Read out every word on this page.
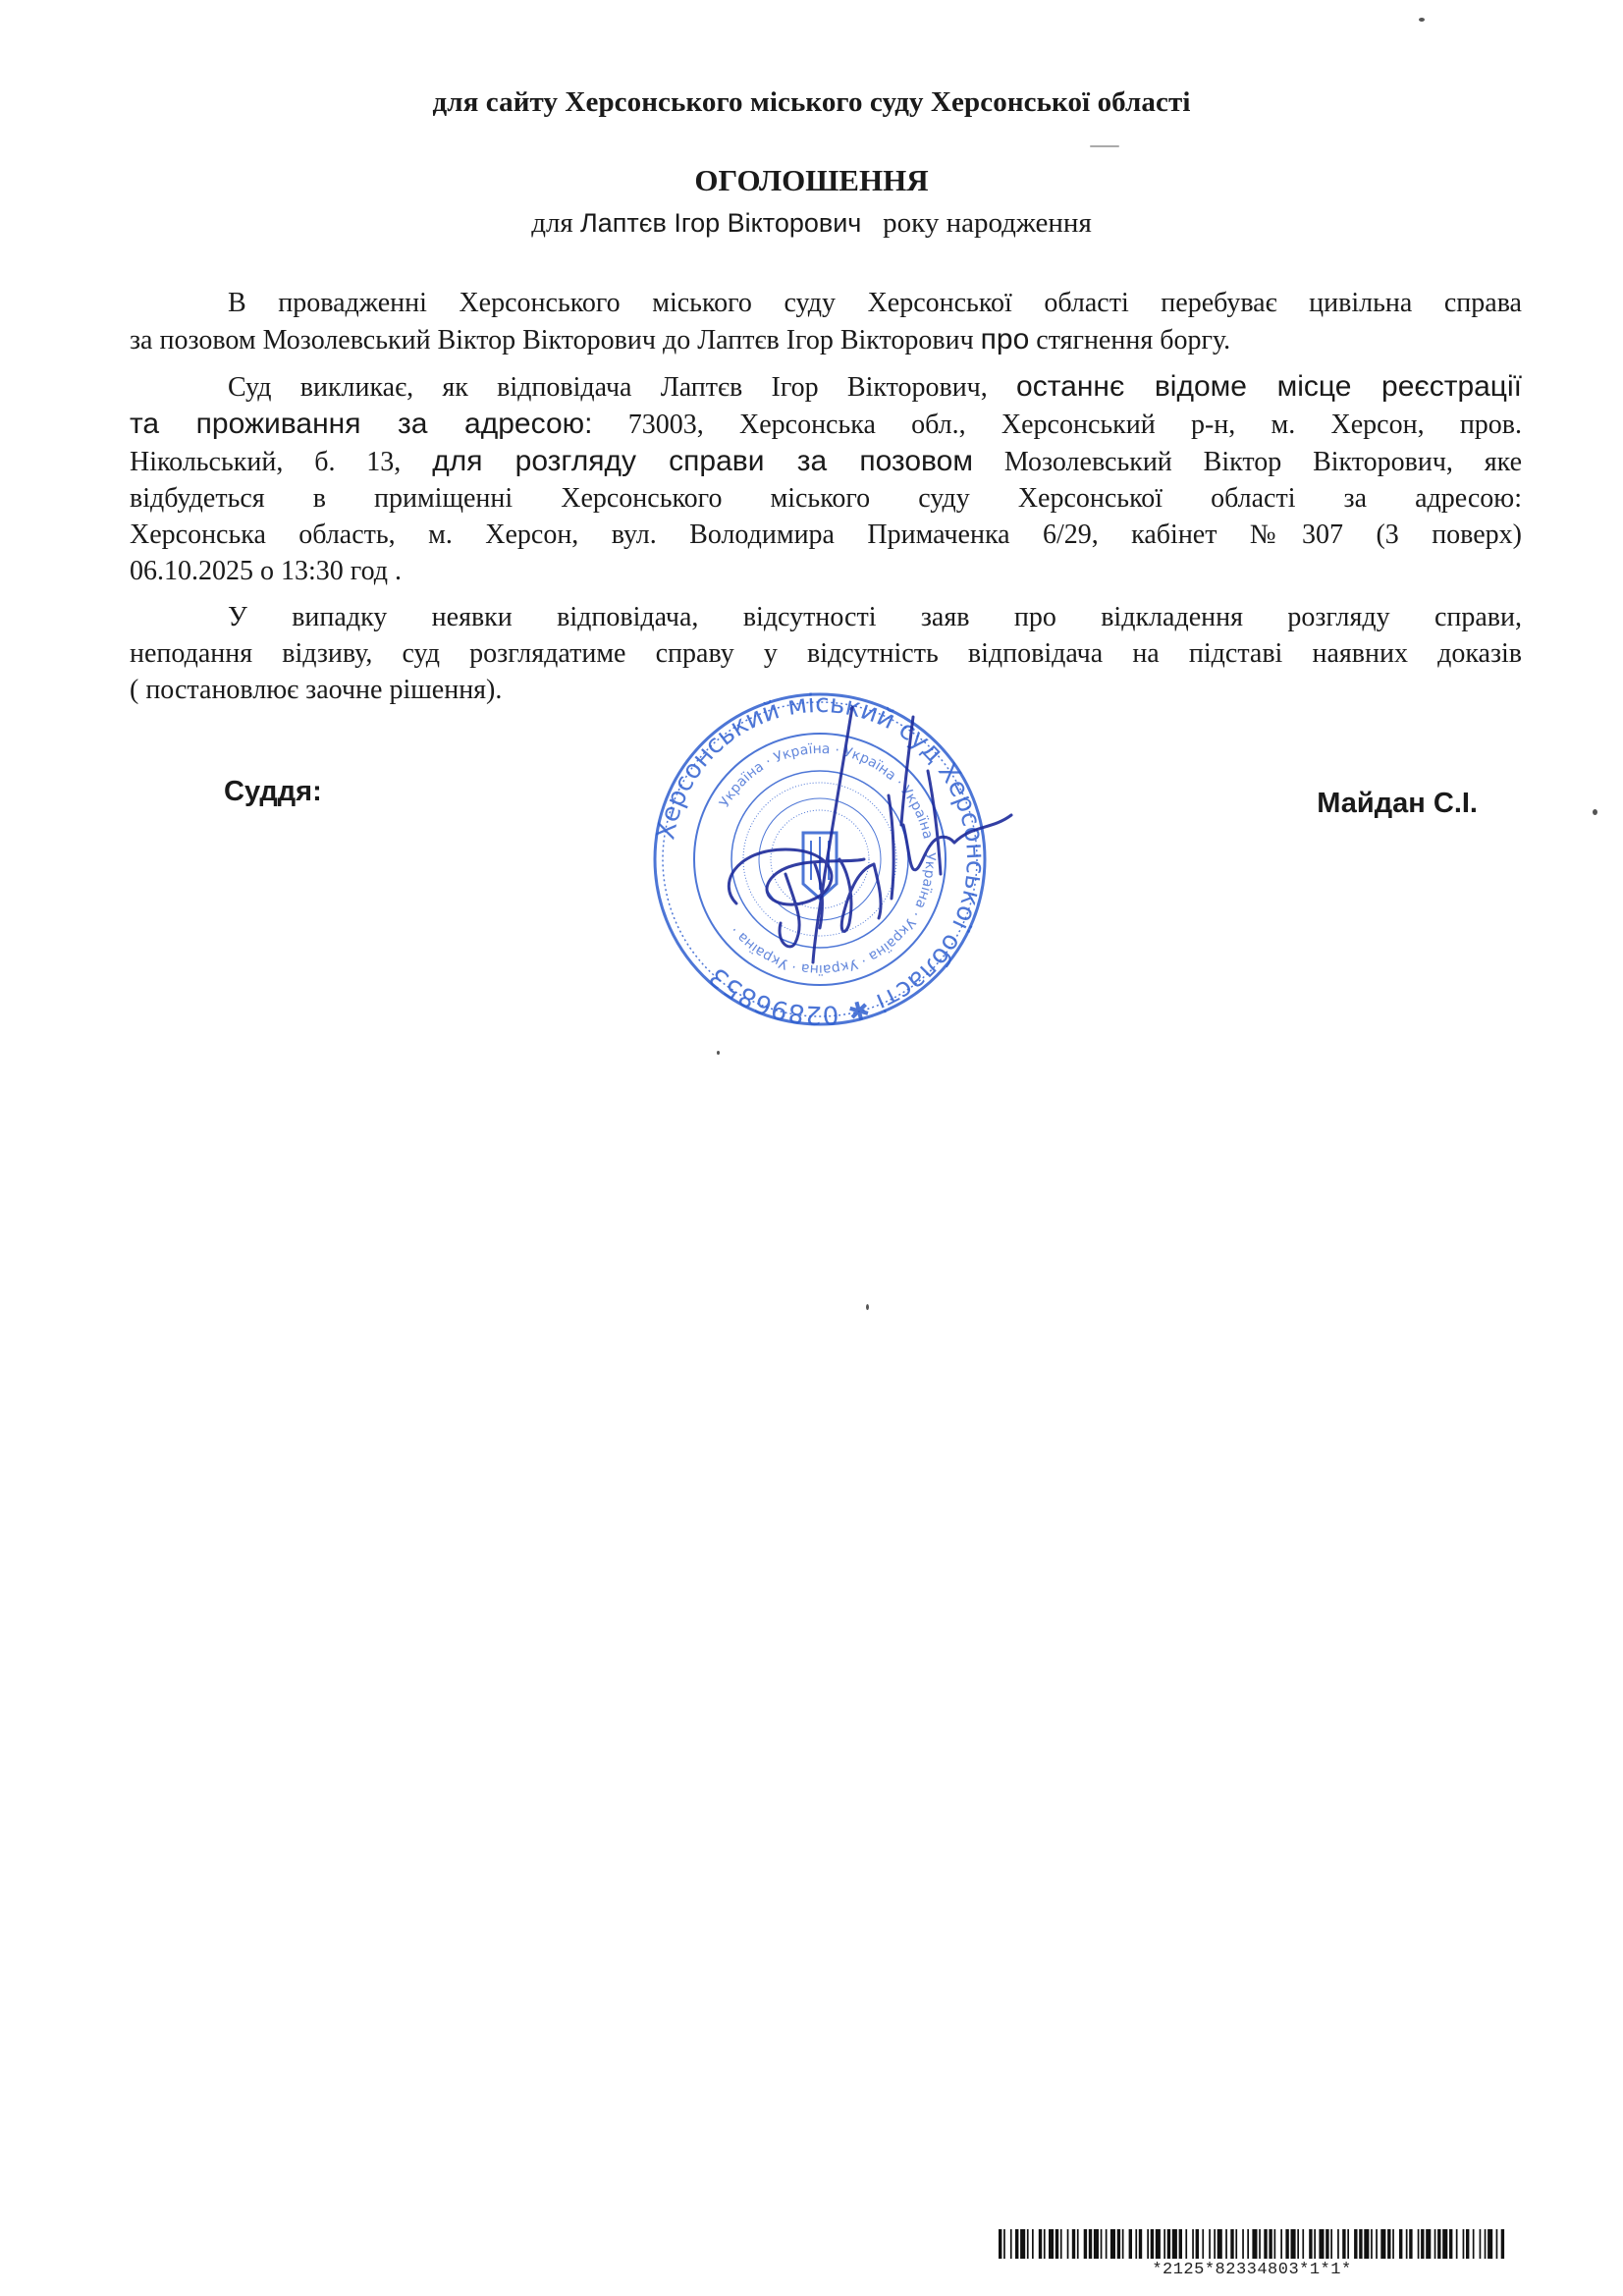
для сайту Херсонського міського суду Херсонської області
ОГОЛОШЕННЯ
для Лаптєв Ігор Вікторович року народження
В провадженні Херсонського міського суду Херсонської області перебуває цивільна справа
за позовом Мозолевський Віктор Вікторович до Лаптєв Ігор Вікторович про стягнення боргу.
Суд викликає, як відповідача Лаптєв Ігор Вікторович, останнє відоме місце реєстрації
та проживання за адресою: 73003, Херсонська обл., Херсонський р-н, м. Херсон, пров.
Нікольський, б. 13, для розгляду справи за позовом Мозолевський Віктор Вікторович, яке
відбудеться в приміщенні Херсонського міського суду Херсонської області за адресою:
Херсонська область, м. Херсон, вул. Володимира Примаченка 6/29, кабінет №307 (3 поверх)
06.10.2025 о 13:30 год .
У випадку неявки відповідача, відсутності заяв про відкладення розгляду справи,
неподання відзиву, суд розглядатиме справу у відсутність відповідача на підставі наявних доказів
( постановлює заочне рішення).
Суддя:	Майдан С.І.
Херсонський міський суд Херсонської області ✱ 02896853
Україна · Україна · Україна · Україна · Україна · Україна · Україна · Україна ·
*2125*82334803*1*1*
